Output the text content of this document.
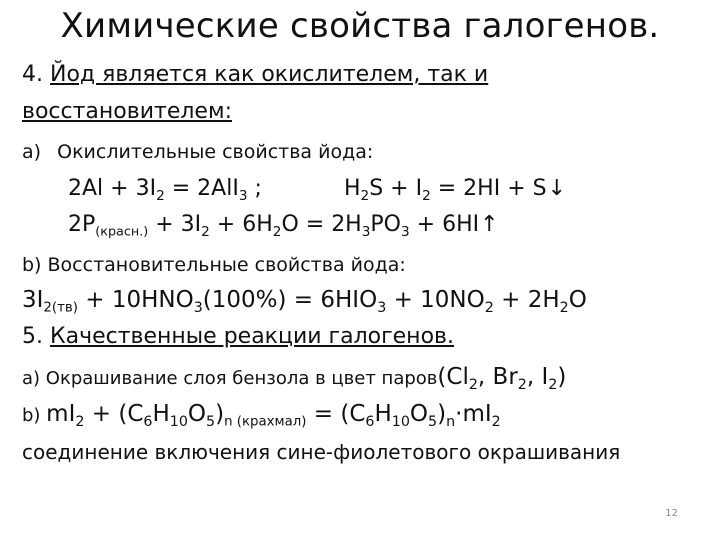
Химические свойства галогенов.
4. Йод является как окислителем, так и
восстановителем:
а) Окислительные свойства йода:
$2Al + 3I_2 = 2AlI_3$ ;	$H_2S + I_2 = 2HI$ + S↓
$2P_{(красн.)} + 3I_2 + 6H_2O = 2H_3PO_3$ + 6HI↑
b) Восстановительные свойства йода:
$3I_{2(тв)} + 10HNO_3(100\%) = 6HIO_3 + 10NO_2 + 2H_2O$
5. Качественные реакции галогенов.
а) Окрашивание слоя бензола в цвет $паров(Cl_2$, $Br_2$, $I_2$)
b) $mI_2 + (C_6H_{10}O_5)_{n (крахмал)} = (C_6H_{10}O_5)_n\cdot mI_2$
соединение включения сине-фиолетового окрашивания
12
